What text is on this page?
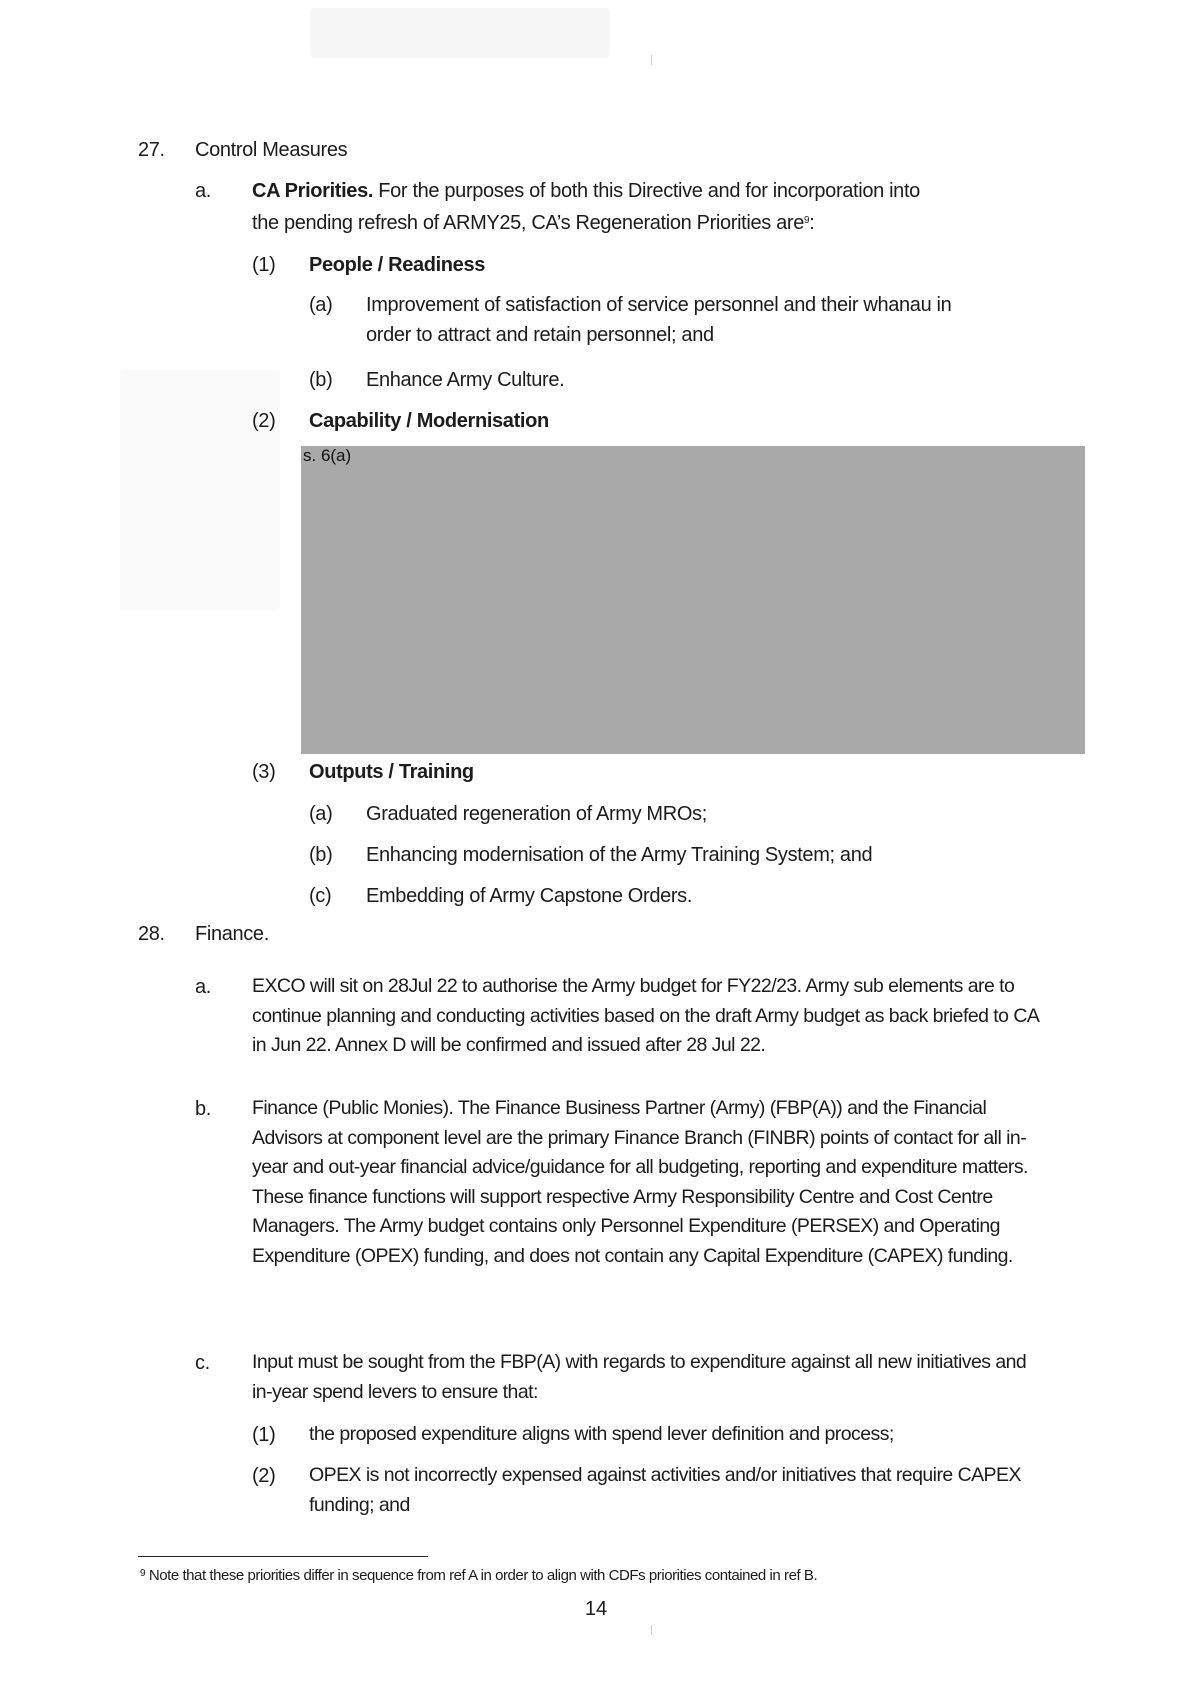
27. Control Measures
a. CA Priorities. For the purposes of both this Directive and for incorporation into
the pending refresh of ARMY25, CA’s Regeneration Priorities are$^9$:
(1) People / Readiness
(a) Improvement of satisfaction of service personnel and their whanau in
order to attract and retain personnel; and
(b) Enhance Army Culture.
(2) Capability / Modernisation
s. 6(a)
(3) Outputs / Training
(a) Graduated regeneration of Army MROs;
(b) Enhancing modernisation of the Army Training System; and
(c) Embedding of Army Capstone Orders.
28. Finance.
a. EXCO will sit on 28Jul 22 to authorise the Army budget for FY22/23. Army sub elements are to continue planning and conducting activities based on the draft Army budget as back briefed to CA in Jun 22. Annex D will be confirmed and issued after 28 Jul 22.
b. Finance (Public Monies). The Finance Business Partner (Army) (FBP(A)) and the Financial Advisors at component level are the primary Finance Branch (FINBR) points of contact for all in-year and out-year financial advice/guidance for all budgeting, reporting and expenditure matters. These finance functions will support respective Army Responsibility Centre and Cost Centre Managers. The Army budget contains only Personnel Expenditure (PERSEX) and Operating Expenditure (OPEX) funding, and does not contain any Capital Expenditure (CAPEX) funding.
c. Input must be sought from the FBP(A) with regards to expenditure against all new initiatives and in-year spend levers to ensure that:
(1) the proposed expenditure aligns with spend lever definition and process;
(2) OPEX is not incorrectly expensed against activities and/or initiatives that require CAPEX funding; and
$^9$ Note that these priorities differ in sequence from ref A in order to align with CDFs priorities contained in ref B.
14
